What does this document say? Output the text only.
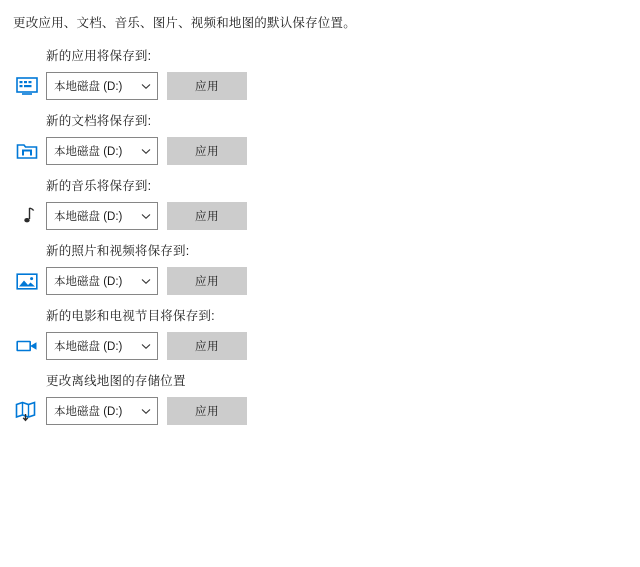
更改应用、文档、音乐、图片、视频和地图的默认保存位置。
新的应用将保存到:
本地磁盘 (D:)	应用
新的文档将保存到:
本地磁盘 (D:)	应用
新的音乐将保存到:
本地磁盘 (D:)	应用
新的照片和视频将保存到:
本地磁盘 (D:)	应用
新的电影和电视节目将保存到:
本地磁盘 (D:)	应用
更改离线地图的存储位置
本地磁盘 (D:)	应用
